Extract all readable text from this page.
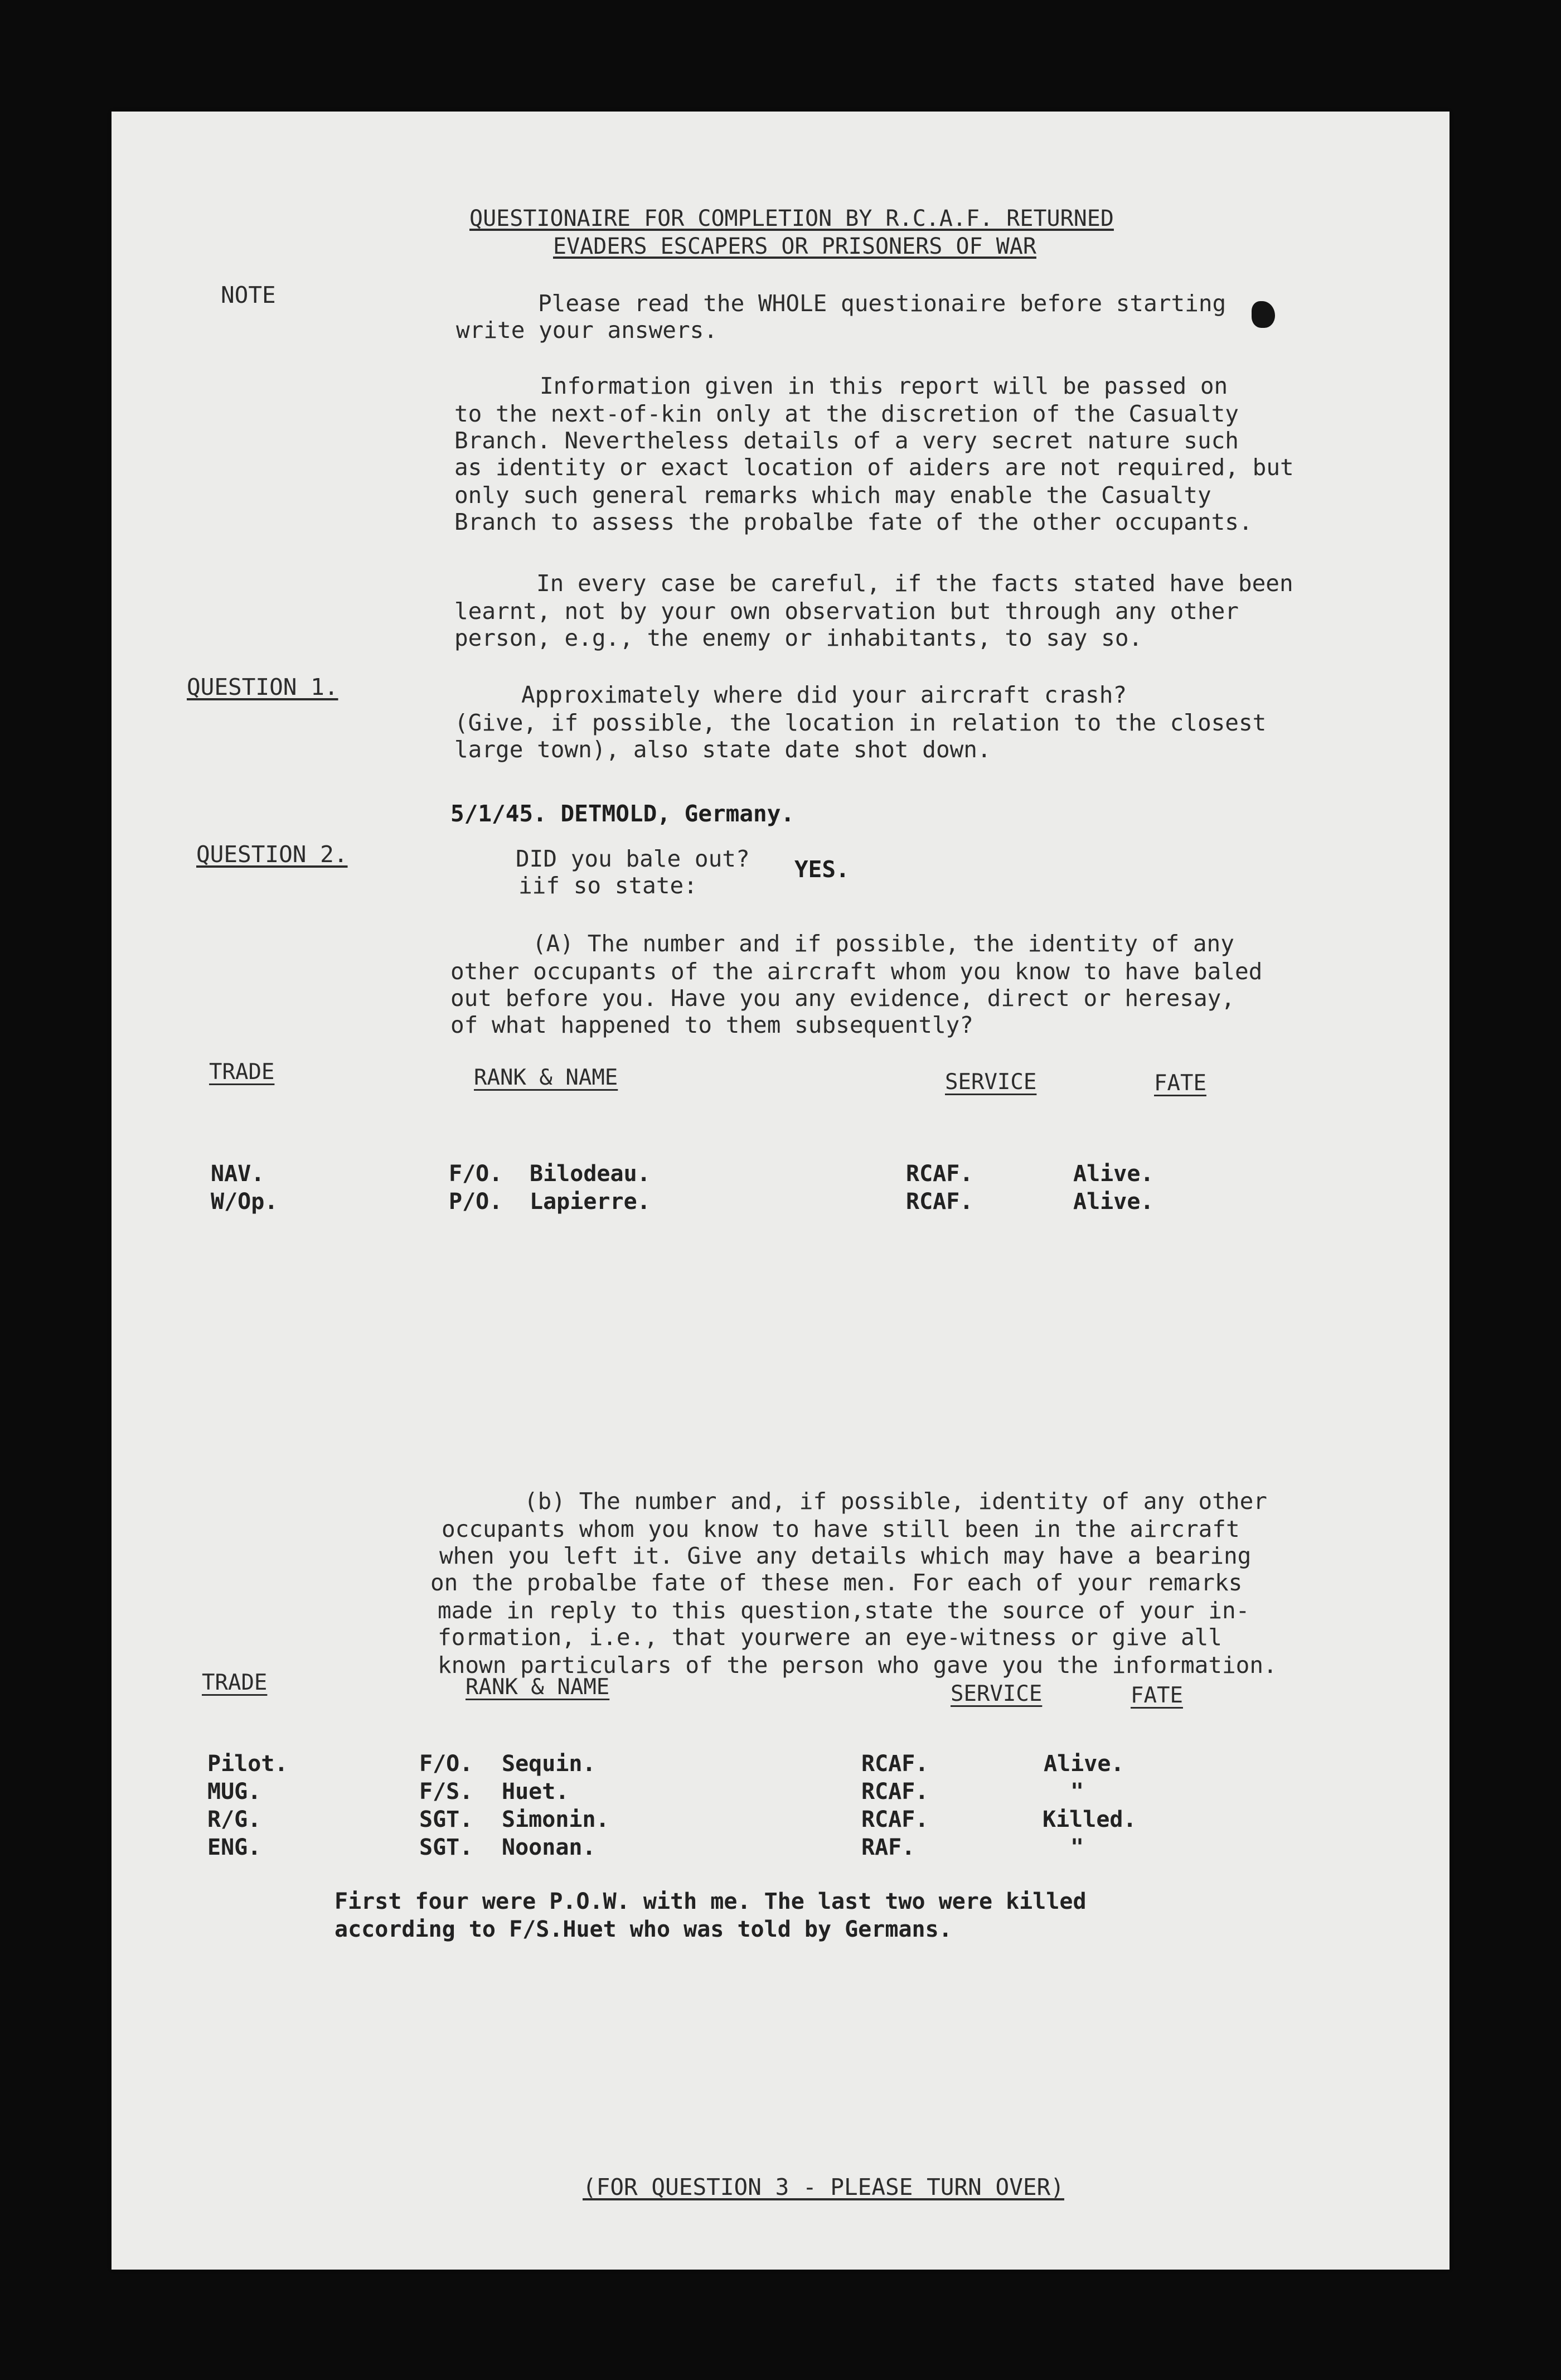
QUESTIONAIRE FOR COMPLETION BY R.C.A.F. RETURNED
EVADERS ESCAPERS OR PRISONERS OF WAR
NOTE	Please read the WHOLE questionaire before starting
write your answers.
Information given in this report will be passed on
to the next-of-kin only at the discretion of the Casualty
Branch. Nevertheless details of a very secret nature such
as identity or exact location of aiders are not required, but
only such general remarks which may enable the Casualty
Branch to assess the probalbe fate of the other occupants.
In every case be careful, if the facts stated have been
learnt, not by your own observation but through any other
person, e.g., the enemy or inhabitants, to say so.
QUESTION 1.	Approximately where did your aircraft crash?
(Give, if possible, the location in relation to the closest
large town), also state date shot down.
5/1/45. DETMOLD, Germany.
QUESTION 2.	DID you bale out?
iif so state:
YES.
(A) The number and if possible, the identity of any
other occupants of the aircraft whom you know to have baled
out before you. Have you any evidence, direct or heresay,
of what happened to them subsequently?
TRADE	RANK & NAME	SERVICE	FATE
NAV.	F/O. Bilodeau.	RCAF.	Alive.
W/Op.	P/O. Lapierre.	RCAF.	Alive.
(b) The number and, if possible, identity of any other
occupants whom you know to have still been in the aircraft
when you left it. Give any details which may have a bearing
on the probalbe fate of these men. For each of your remarks
made in reply to this question,state the source of your in-
formation, i.e., that yourwere an eye-witness or give all
known particulars of the person who gave you the information.
TRADE	RANK & NAME	SERVICE	FATE
Pilot.	F/O. Sequin.	RCAF.	Alive.
MUG.	F/S. Huet.	RCAF.	"
R/G.	SGT. Simonin.	RCAF.	Killed.
ENG.	SGT. Noonan.	RAF.	"
First four were P.O.W. with me. The last two were killed
according to F/S.Huet who was told by Germans.
(FOR QUESTION 3 - PLEASE TURN OVER)
